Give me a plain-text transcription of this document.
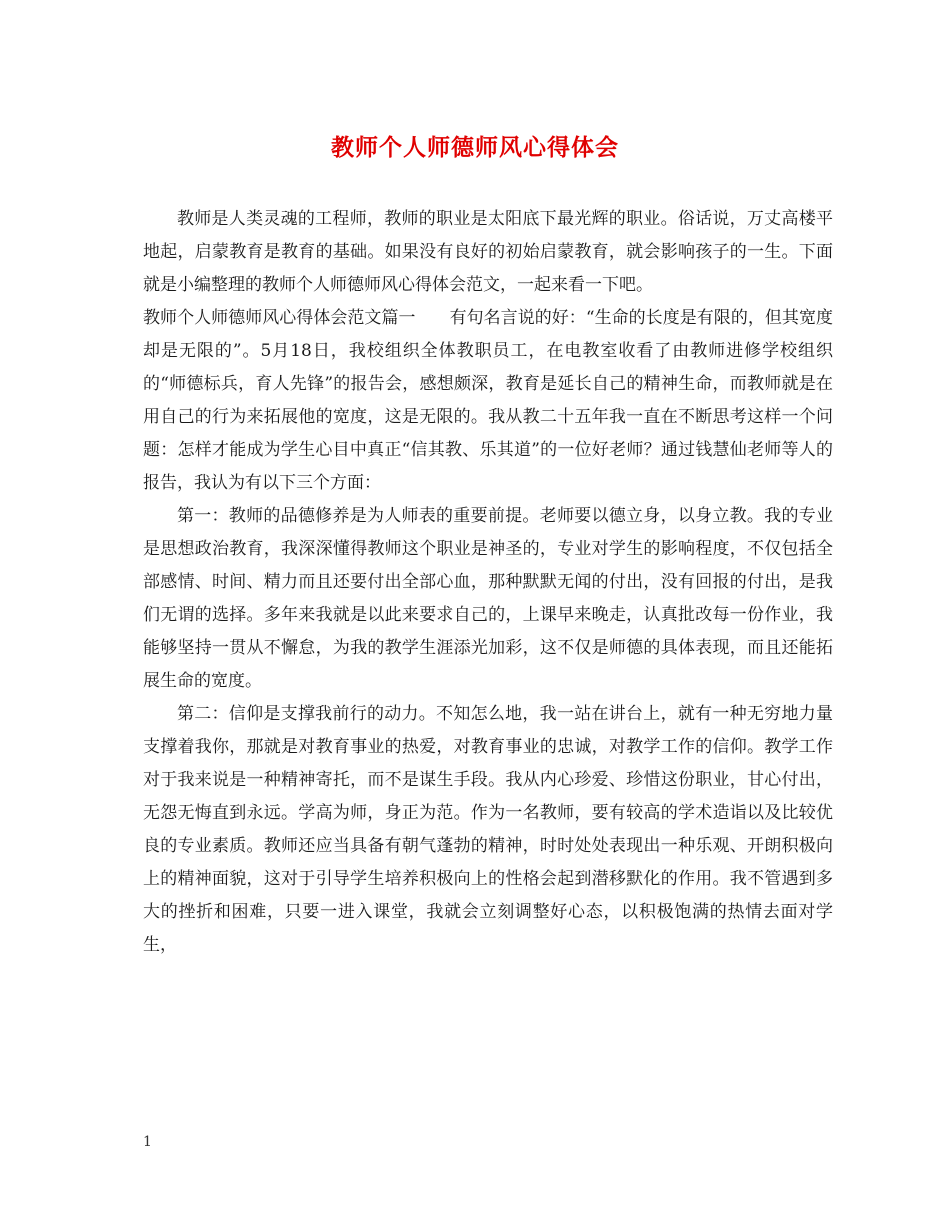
教师个人师德师风心得体会

教师是人类灵魂的工程师，教师的职业是太阳底下最光辉的职业。俗话说，万丈高楼平地起，启蒙教育是教育的基础。如果没有良好的初始启蒙教育，就会影响孩子的一生。下面就是小编整理的教师个人师德师风心得体会范文，一起来看一下吧。

教师个人师德师风心得体会范文篇一　　有句名言说的好：“生命的长度是有限的，但其宽度却是无限的”。5月18日，我校组织全体教职员工，在电教室收看了由教师进修学校组织的“师德标兵，育人先锋”的报告会，感想颇深，教育是延长自己的精神生命，而教师就是在用自己的行为来拓展他的宽度，这是无限的。我从教二十五年我一直在不断思考这样一个问题：怎样才能成为学生心目中真正“信其教、乐其道”的一位好老师？通过钱慧仙老师等人的报告，我认为有以下三个方面：

第一：教师的品德修养是为人师表的重要前提。老师要以德立身，以身立教。我的专业是思想政治教育，我深深懂得教师这个职业是神圣的，专业对学生的影响程度，不仅包括全部感情、时间、精力而且还要付出全部心血，那种默默无闻的付出，没有回报的付出，是我们无谓的选择。多年来我就是以此来要求自己的，上课早来晚走，认真批改每一份作业，我能够坚持一贯从不懈怠，为我的教学生涯添光加彩，这不仅是师德的具体表现，而且还能拓展生命的宽度。

第二：信仰是支撑我前行的动力。不知怎么地，我一站在讲台上，就有一种无穷地力量支撑着我你，那就是对教育事业的热爱，对教育事业的忠诚，对教学工作的信仰。教学工作对于我来说是一种精神寄托，而不是谋生手段。我从内心珍爱、珍惜这份职业，甘心付出，无怨无悔直到永远。学高为师，身正为范。作为一名教师，要有较高的学术造诣以及比较优良的专业素质。教师还应当具备有朝气蓬勃的精神，时时处处表现出一种乐观、开朗积极向上的精神面貌，这对于引导学生培养积极向上的性格会起到潜移默化的作用。我不管遇到多大的挫折和困难，只要一进入课堂，我就会立刻调整好心态，以积极饱满的热情去面对学生，

1
